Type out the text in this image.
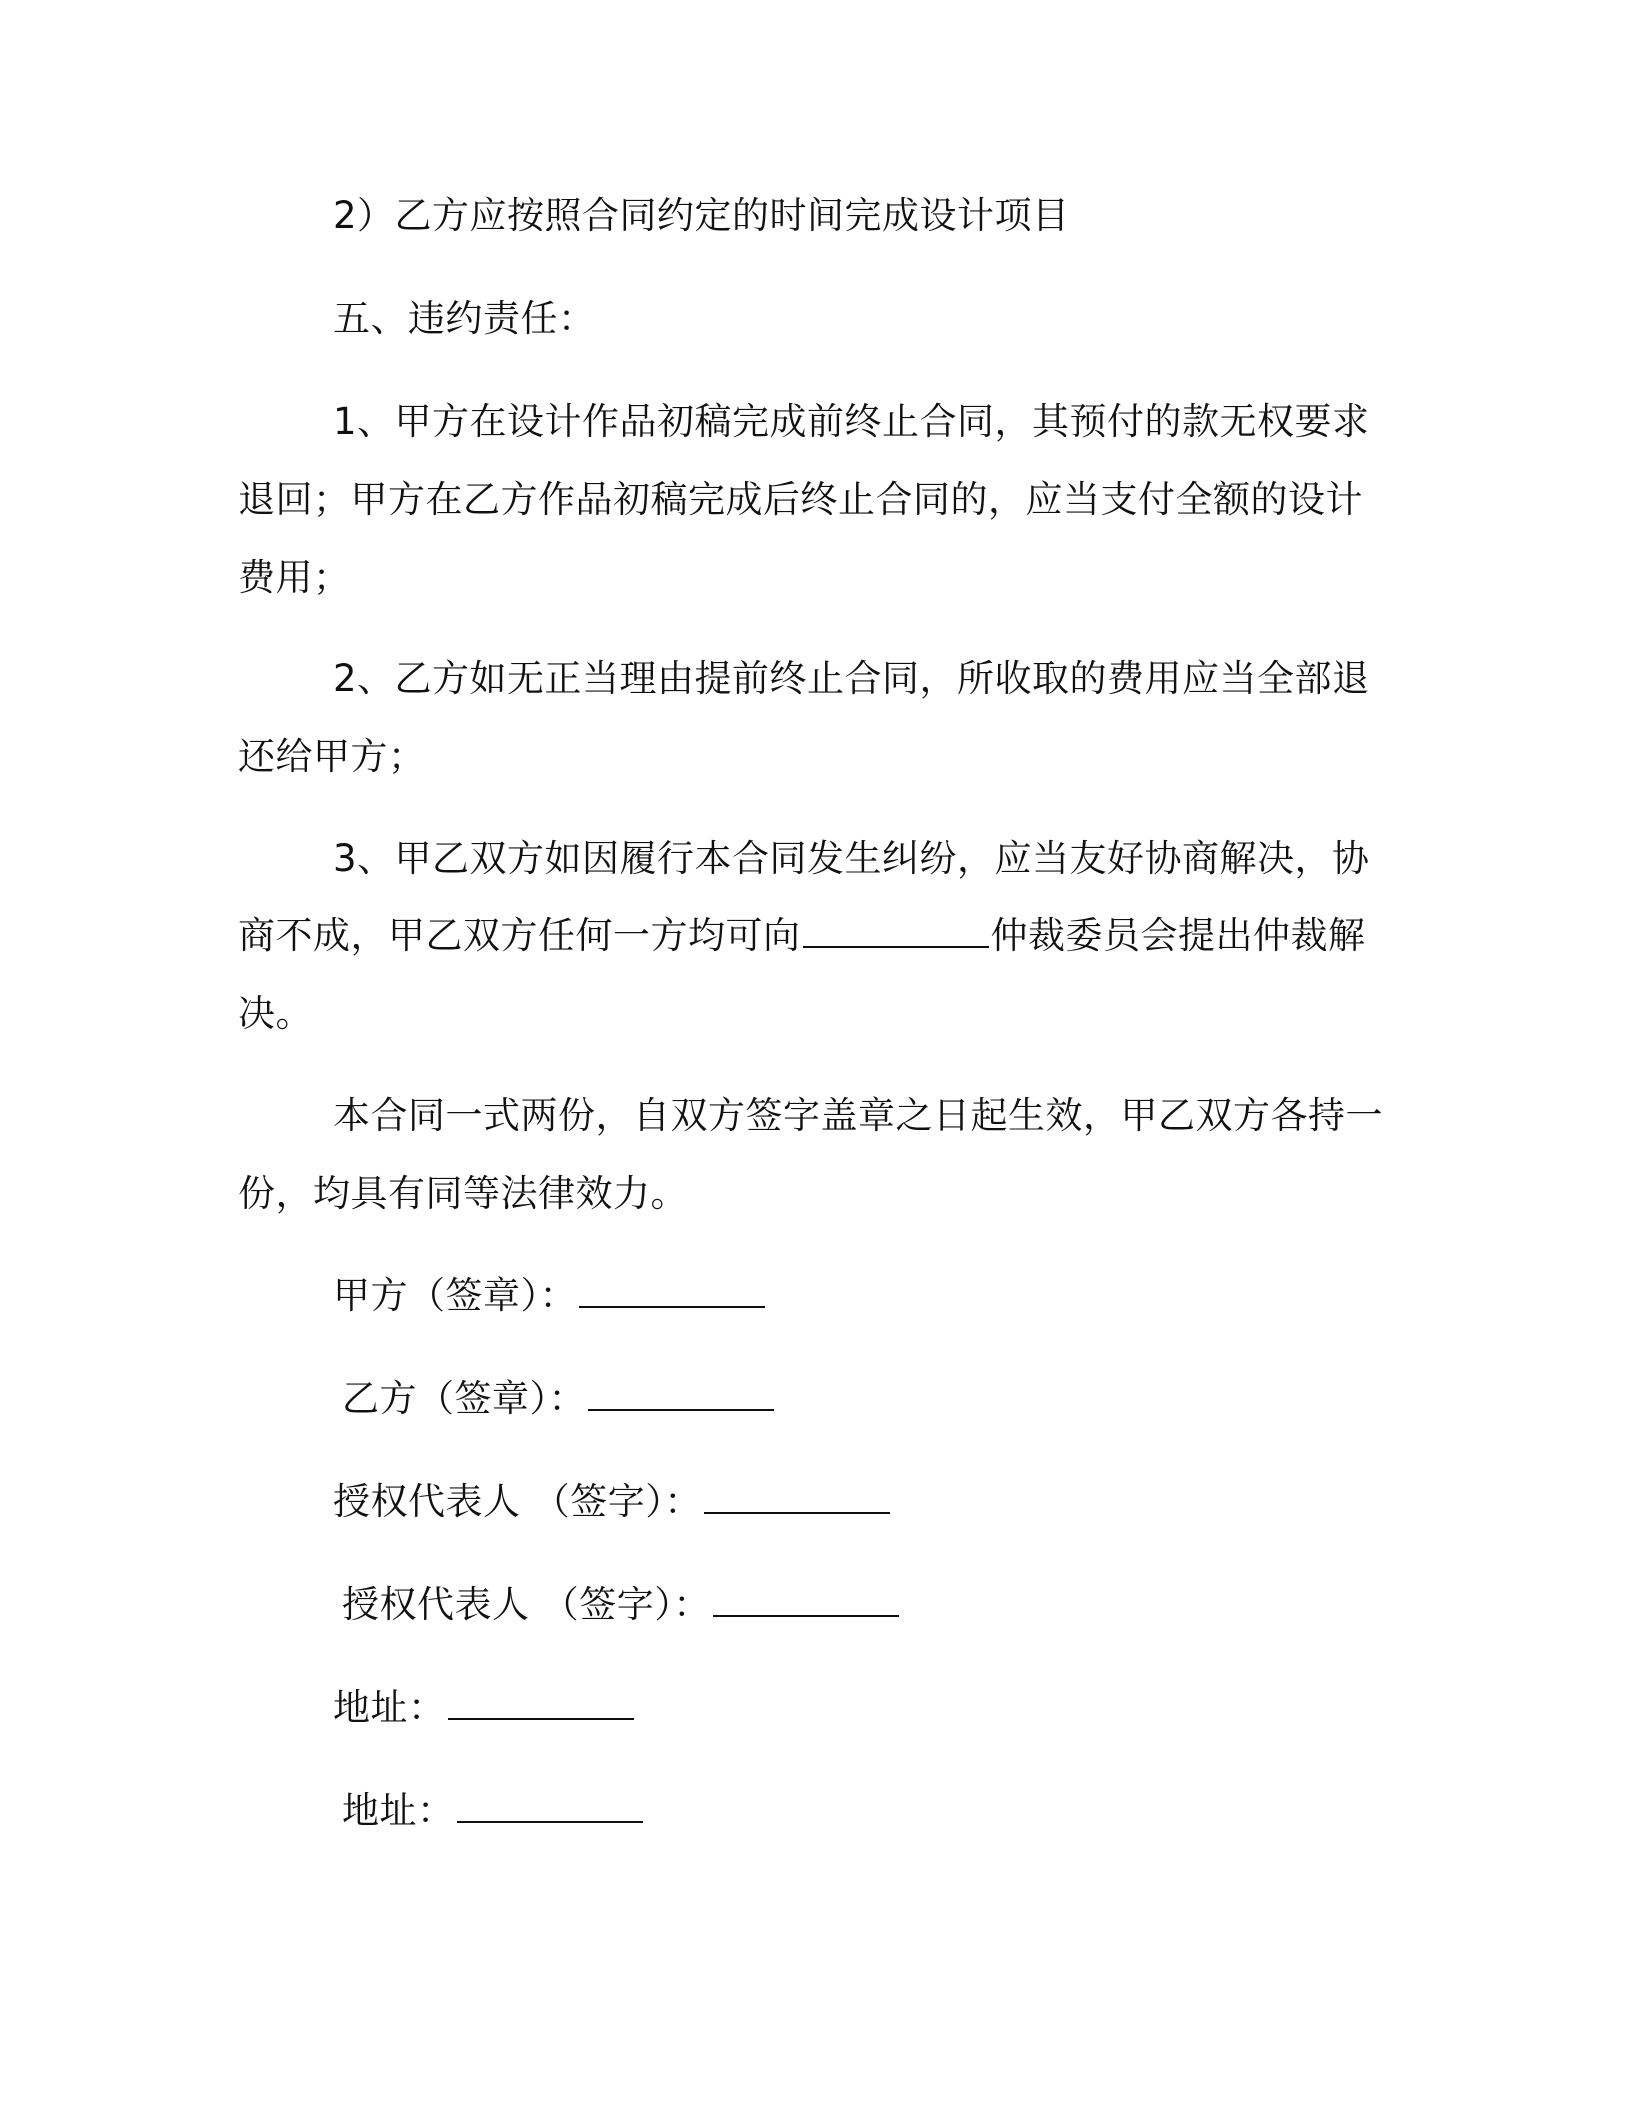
2）乙方应按照合同约定的时间完成设计项目
五、违约责任：
1、甲方在设计作品初稿完成前终止合同，其预付的款无权要求
退回；甲方在乙方作品初稿完成后终止合同的，应当支付全额的设计
费用；
2、乙方如无正当理由提前终止合同，所收取的费用应当全部退
还给甲方；
3、甲乙双方如因履行本合同发生纠纷，应当友好协商解决，协
商不成，甲乙双方任何一方均可向	仲裁委员会提出仲裁解
决。
本合同一式两份，自双方签字盖章之日起生效，甲乙双方各持一
份，均具有同等法律效力。
甲方（签章）：
乙方（签章）：
授权代表人 （签字）：
授权代表人 （签字）：
地址：
地址：
